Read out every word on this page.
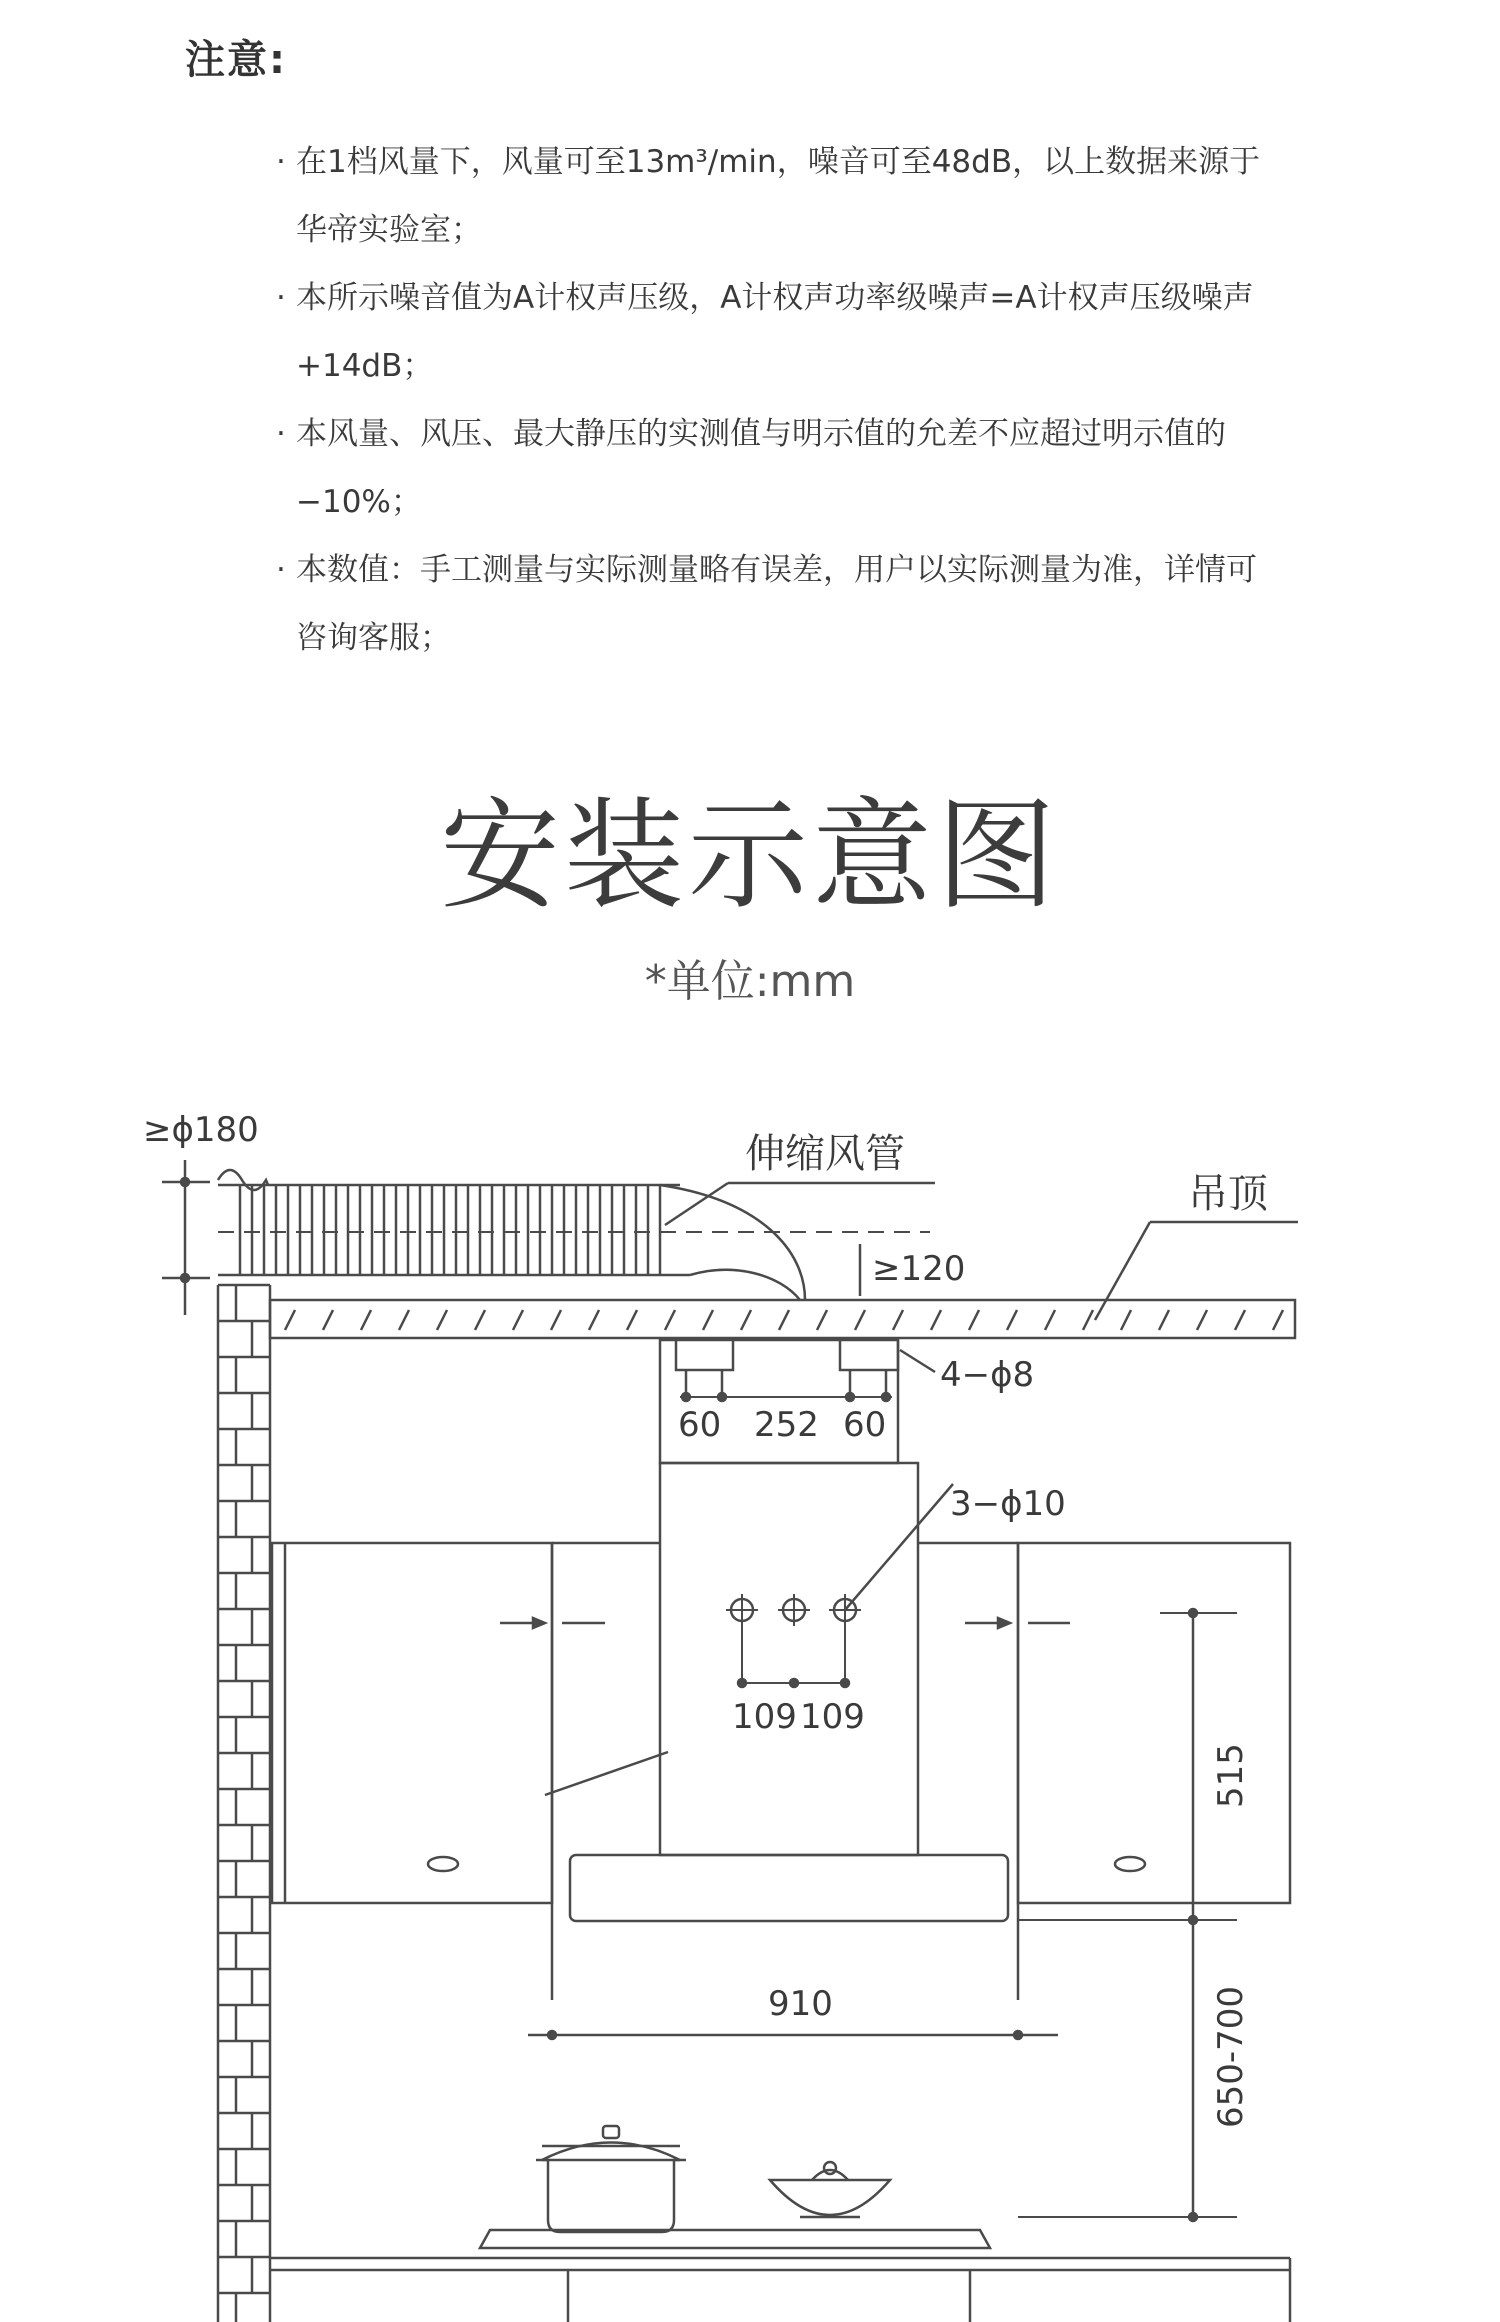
注意:
· 在1档风量下，风量可至13m³/min，噪音可至48dB，以上数据来源于华帝实验室；
· 本所示噪音值为A计权声压级，A计权声功率级噪声=A计权声压级噪声+14dB；
· 本风量、风压、最大静压的实测值与明示值的允差不应超过明示值的−10%；
· 本数值：手工测量与实际测量略有误差，用户以实际测量为准，详情可咨询客服；
安装示意图
*单位:mm
≥ϕ180
伸缩风管
吊顶
≥120
60 252 60
4−ϕ8
109 109
3−ϕ10
910
515
650-700
